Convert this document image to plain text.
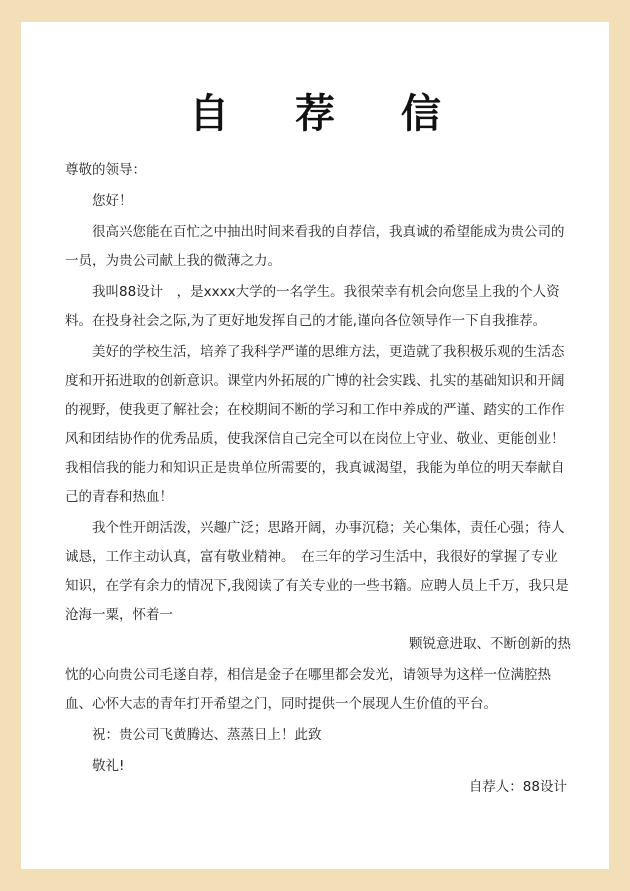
自 荐 信

尊敬的领导：

您好！

很高兴您能在百忙之中抽出时间来看我的自荐信，我真诚的希望能成为贵公司的一员，为贵公司献上我的微薄之力。

我叫88设计　，是xxxx大学的一名学生。我很荣幸有机会向您呈上我的个人资料。在投身社会之际,为了更好地发挥自己的才能,谨向各位领导作一下自我推荐。

美好的学校生活，培养了我科学严谨的思维方法，更造就了我积极乐观的生活态度和开拓进取的创新意识。课堂内外拓展的广博的社会实践、扎实的基础知识和开阔的视野，使我更了解社会；在校期间不断的学习和工作中养成的严谨、踏实的工作作风和团结协作的优秀品质，使我深信自己完全可以在岗位上守业、敬业、更能创业！我相信我的能力和知识正是贵单位所需要的，我真诚渴望，我能为单位的明天奉献自己的青春和热血！

我个性开朗活泼，兴趣广泛；思路开阔，办事沉稳；关心集体，责任心强；待人诚恳，工作主动认真，富有敬业精神。　在三年的学习生活中，我很好的掌握了专业知识，在学有余力的情况下,我阅读了有关专业的一些书籍。应聘人员上千万，我只是沧海一粟，怀着一

颗锐意进取、不断创新的热

忱的心向贵公司毛遂自荐，相信是金子在哪里都会发光，请领导为这样一位满腔热血、心怀大志的青年打开希望之门，同时提供一个展现人生价值的平台。

祝：贵公司飞黄腾达、蒸蒸日上！此致

敬礼!

自荐人：88设计
